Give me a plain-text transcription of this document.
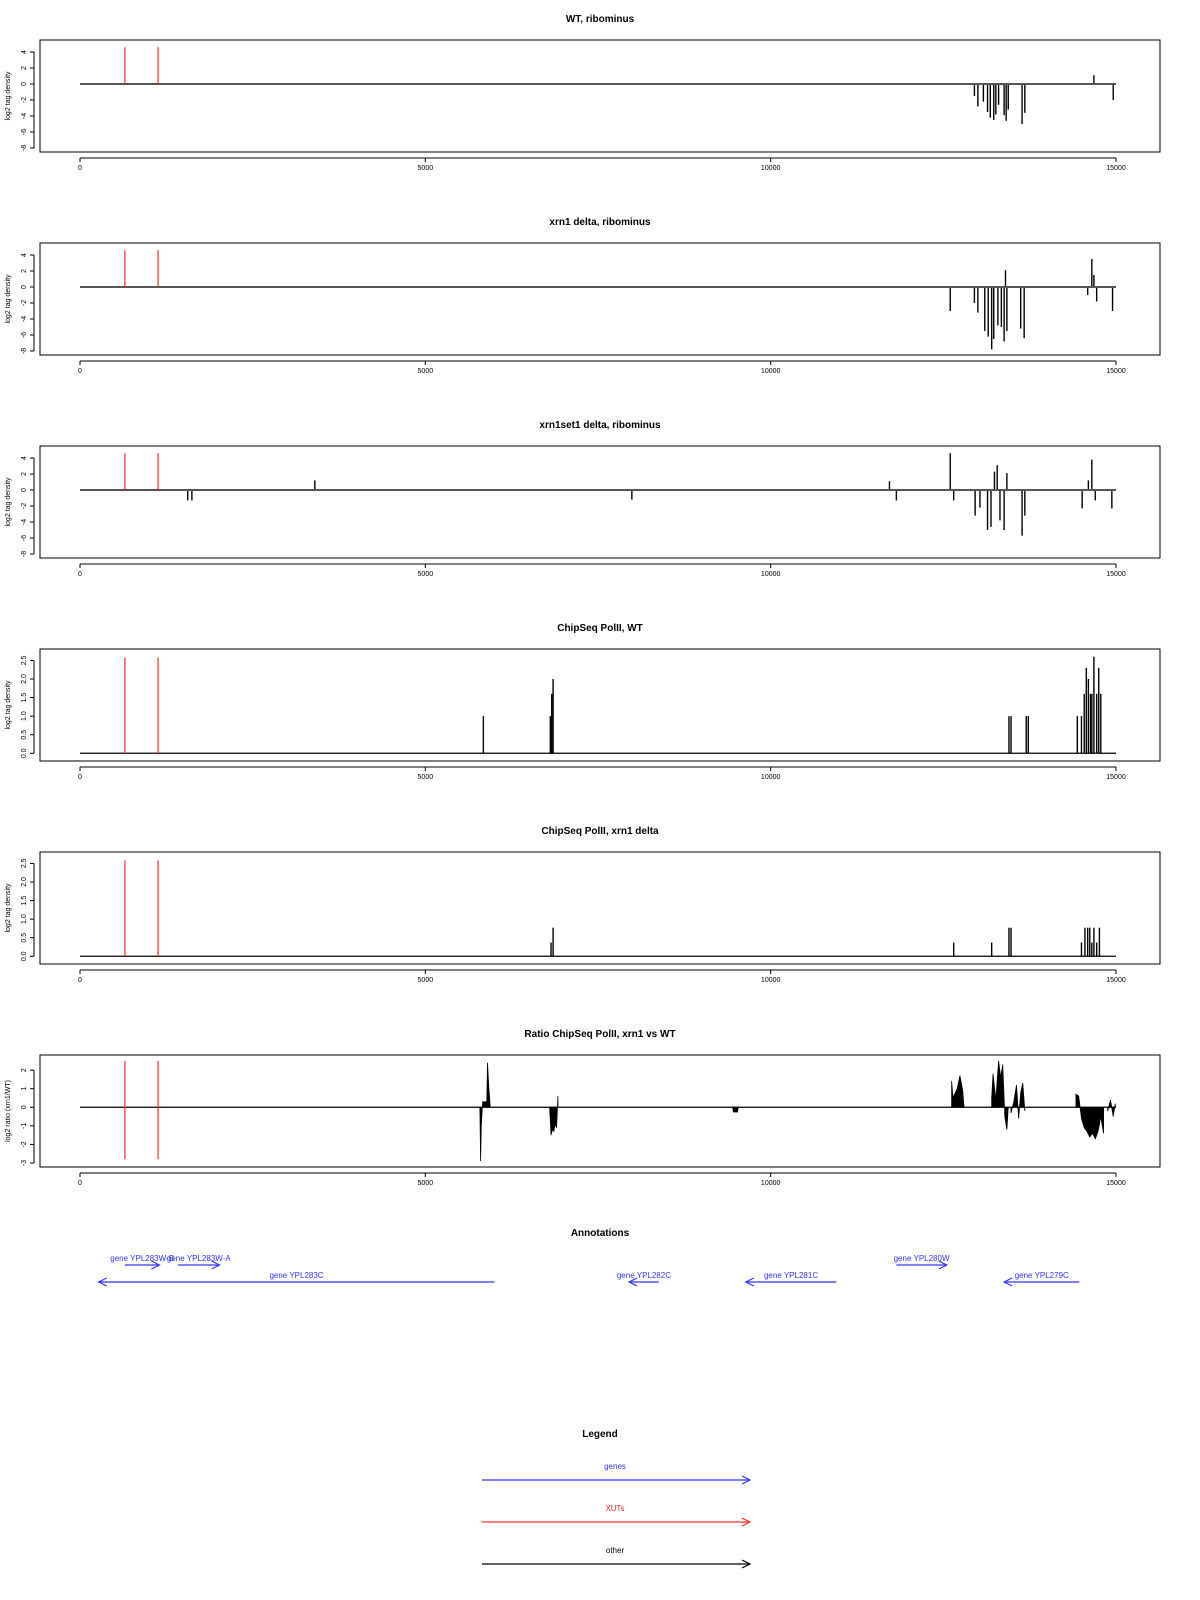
WT, ribominus
-8
-6
-4
-2
0
2
4
log2 tag density
0	5000	10000	15000
xrn1 delta, ribominus
-8
-6
-4
-2
0
2
4
log2 tag density
0	5000	10000	15000
xrn1set1 delta, ribominus
-8
-6
-4
-2
0
2
4
log2 tag density
0	5000	10000	15000
ChipSeq PolII, WT
0.0
0.5
1.0
1.5
2.0
2.5
log2 tag density
0	5000	10000	15000
ChipSeq PolII, xrn1 delta
0.0
0.5
1.0
1.5
2.0
2.5
log2 tag density
0	5000	10000	15000
Ratio ChipSeq PolII, xrn1 vs WT
-3
-2
-1
0
1
2
log2 ratio (xrn1/WT)
0	5000	10000	15000
Annotations
gene YPL283W-B
gene YPL283W-A
gene YPL283C	gene YPL282C	gene YPL281C
gene YPL280W
gene YPL279C
Legend
genes
XUTs
other
